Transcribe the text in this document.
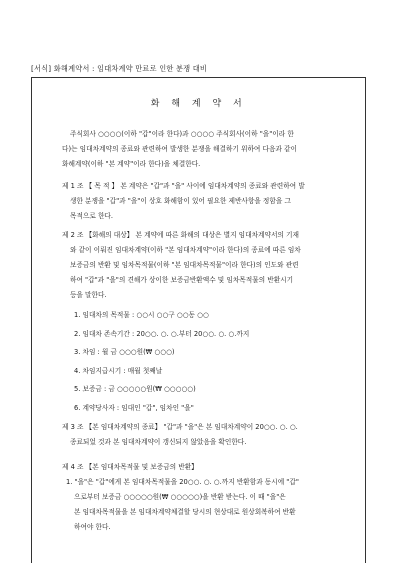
[서식] 화해계약서 : 임대차계약 만료로 인한 분쟁 대비
화 해 계 약 서
주식회사 ○○○○(이하 "갑"이라 한다)과 ○○○○ 주식회사(이하 "을"이라 한
다)는 임대차계약의 종료와 관련하여 발생한 분쟁을 해결하기 위하여 다음과 같이
화해계약(이하 "본 계약"이라 한다)을 체결한다.
제 1 조 【 목 적 】 본 계약은 "갑"과 "을" 사이에 임대차계약의 종료와 관련하여 발
생한 분쟁을 "갑"과 "을"이 상호 화해함이 있어 필요한 제반사항을 정함을 그
목적으로 한다.
제 2 조 【화해의 대상】 본 계약에 따른 화해의 대상은 별지 임대차계약서의 기재
와 같이 이뤄진 임대차계약(이하 "본 임대차계약"이라 한다)의 종료에 따른 임차
보증금의 반환 및 임차목적물(이하 "본 임대차목적물"이라 한다)의 인도와 관련
하여 "갑"과 "을"의 견해가 상이한 보증금반환액수 및 임차목적물의 반환시기
등을 말한다.
1. 임대차의 목적물 : ○○시 ○○구 ○○동 ○○
2. 임대차 존속기간 : 20○○. ○. ○.부터 20○○. ○. ○.까지
3. 차임 : 월 금 ○○○원(₩ ○○○)
4. 차임지급시기 : 매월 첫째날
5. 보증금 : 금 ○○○○○원(₩ ○○○○○)
6. 계약당사자 : 임대인 "갑", 임차인 "을"
제 3 조 【본 임대차계약의 종료】 "갑"과 "을"은 본 임대차계약이 20○○. ○. ○.
종료되었 것과 본 임대차계약이 갱신되지 않았음을 확인한다.
제 4 조 【본 임대차목적물 및 보증금의 반환】
1. "을"은 "갑"에게 본 임대차목적물을 20○○. ○. ○.까지 반환함과 동시에 "갑"
으로부터 보증금 ○○○○○원(₩ ○○○○○)을 반환 받는다. 이 때 "을"은
본 임대차목적물을 본 임대차계약체결할 당시의 현상대로 원상회복하여 반환
하여야 한다.
